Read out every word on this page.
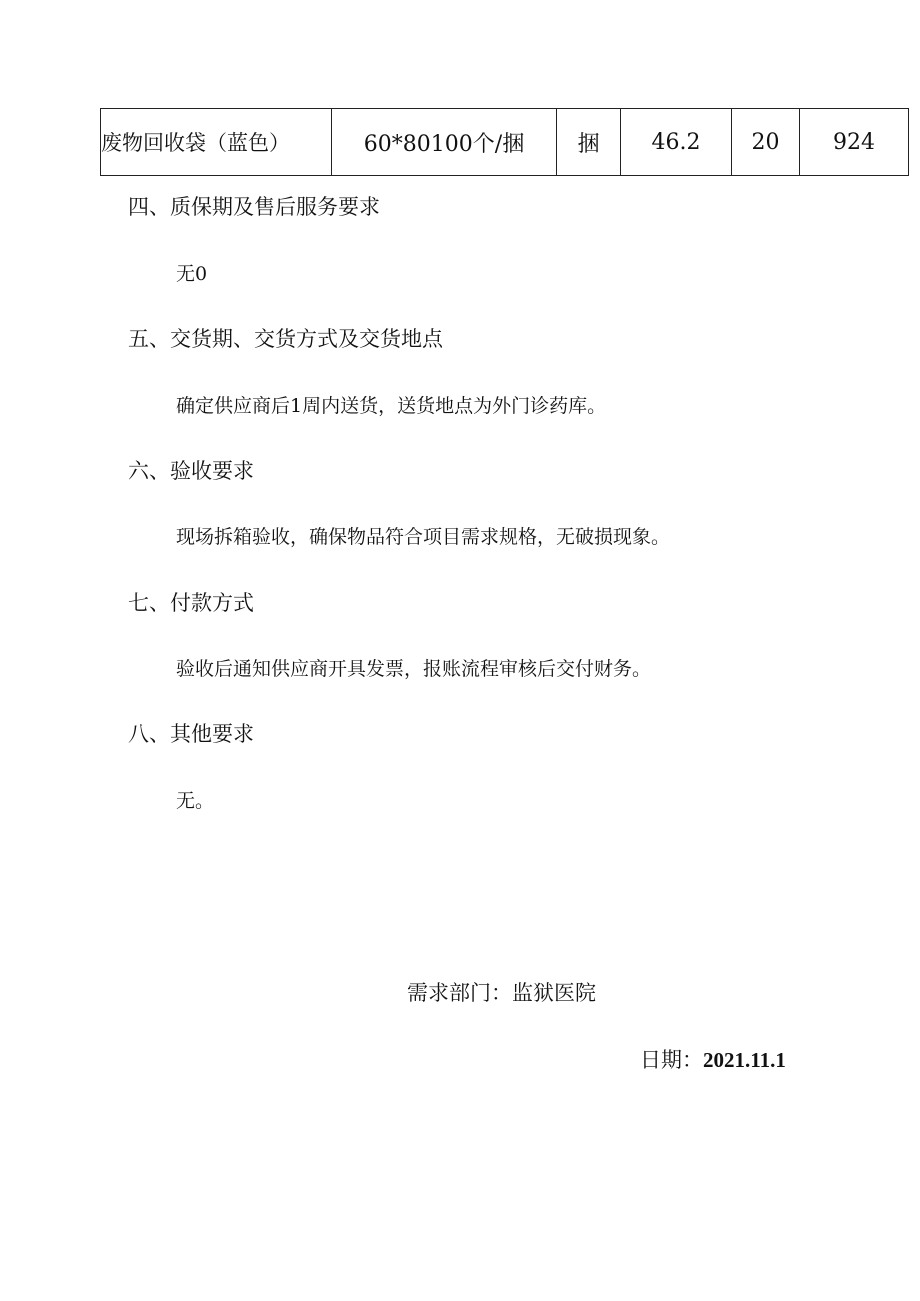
废物回收袋（蓝色）	60*80100个/捆	捆	46.2	20	924
四、质保期及售后服务要求
无0
五、交货期、交货方式及交货地点
确定供应商后1周内送货，送货地点为外门诊药库。
六、验收要求
现场拆箱验收，确保物品符合项目需求规格，无破损现象。
七、付款方式
验收后通知供应商开具发票，报账流程审核后交付财务。
八、其他要求
无。
需求部门：监狱医院
日期：2021.11.1
